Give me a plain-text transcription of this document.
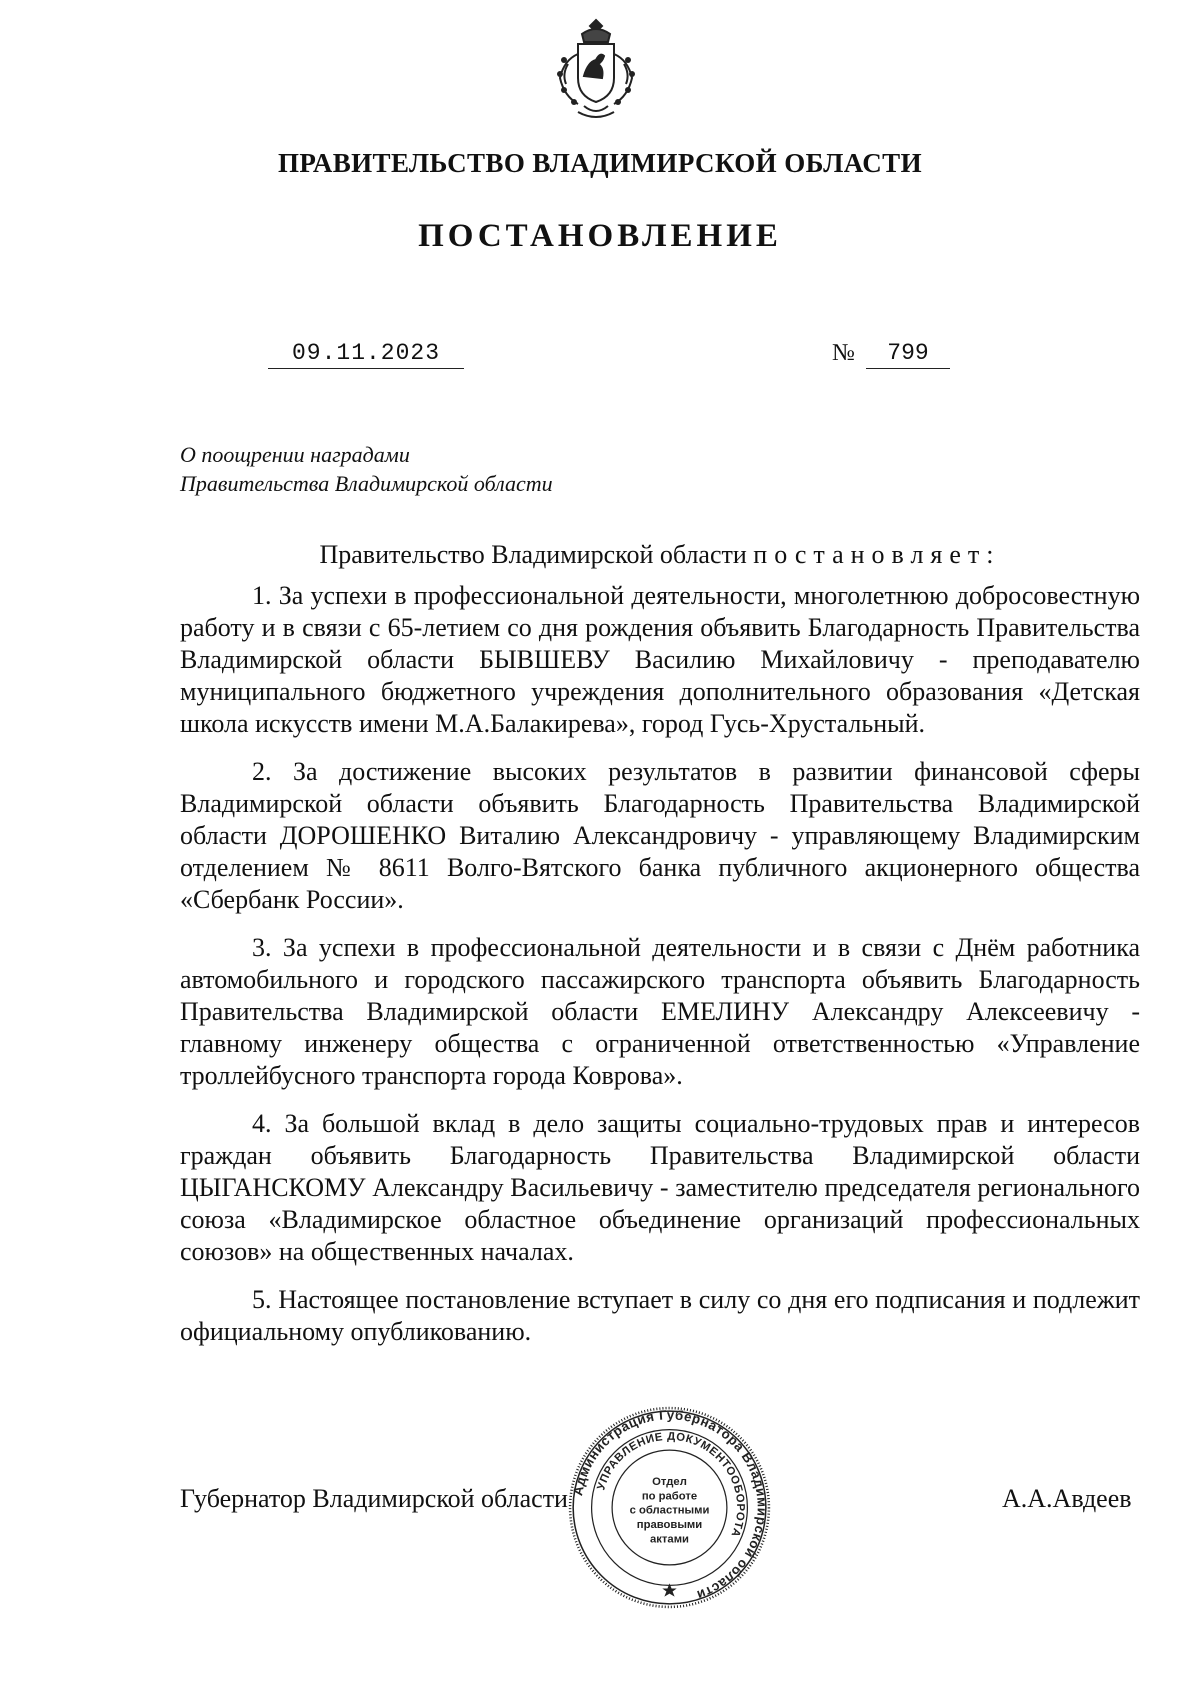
ПРАВИТЕЛЬСТВО ВЛАДИМИРСКОЙ ОБЛАСТИ
ПОСТАНОВЛЕНИЕ
09.11.2023	№	799
О поощрении наградами
Правительства Владимирской области
Правительство Владимирской области постановляет:

1. За успехи в профессиональной деятельности, многолетнюю добросовестную работу и в связи с 65-летием со дня рождения объявить Благодарность Правительства Владимирской области БЫВШЕВУ Василию Михайловичу - преподавателю муниципального бюджетного учреждения дополнительного образования «Детская школа искусств имени М.А.Балакирева», город Гусь-Хрустальный.

2. За достижение высоких результатов в развитии финансовой сферы Владимирской области объявить Благодарность Правительства Владимирской области ДОРОШЕНКО Виталию Александровичу - управляющему Владимирским отделением № 8611 Волго-Вятского банка публичного акционерного общества «Сбербанк России».

3. За успехи в профессиональной деятельности и в связи с Днём работника автомобильного и городского пассажирского транспорта объявить Благодарность Правительства Владимирской области ЕМЕЛИНУ Александру Алексеевичу - главному инженеру общества с ограниченной ответственностью «Управление троллейбусного транспорта города Коврова».

4. За большой вклад в дело защиты социально-трудовых прав и интересов граждан объявить Благодарность Правительства Владимирской области ЦЫГАНСКОМУ Александру Васильевичу - заместителю председателя регионального союза «Владимирское областное объединение организаций профессиональных союзов» на общественных началах.

5. Настоящее постановление вступает в силу со дня его подписания и подлежит официальному опубликованию.

Губернатор Владимирской области	А.А.Авдеев
Администрация Губернатора Владимирской области
УПРАВЛЕНИЕ ДОКУМЕНТООБОРОТА
Отдел
по работе
с областными
правовыми
актами
